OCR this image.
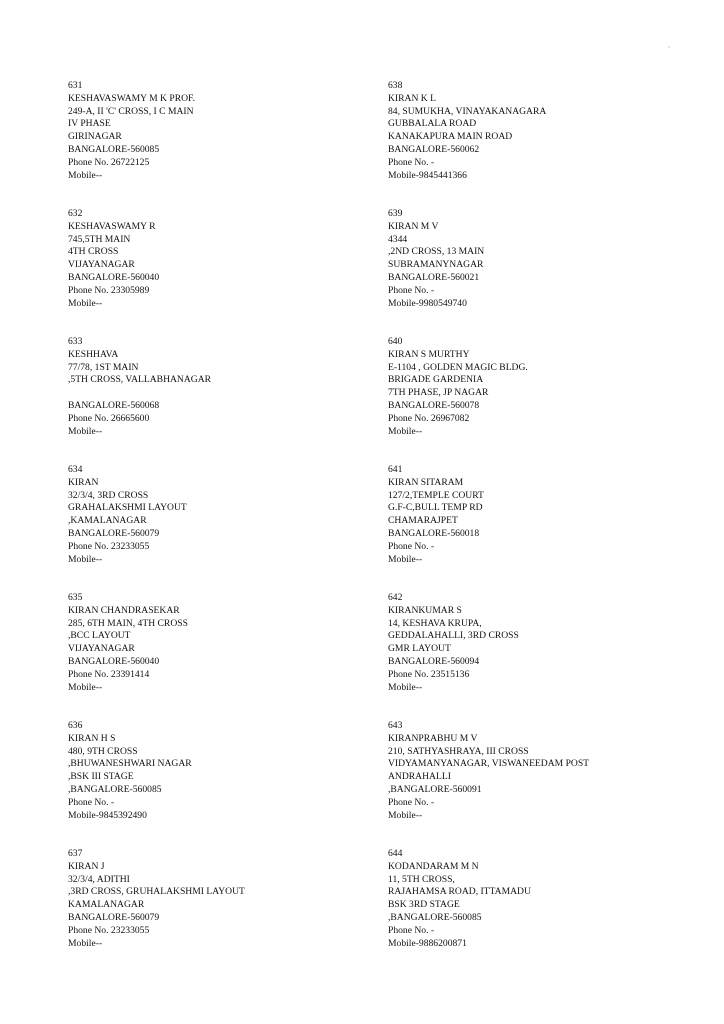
631
KESHAVASWAMY M K PROF.
249-A, II 'C' CROSS, I C MAIN
IV PHASE
GIRINAGAR
BANGALORE-560085
Phone No. 26722125
Mobile--
632
KESHAVASWAMY R
745,5TH MAIN
4TH CROSS
VIJAYANAGAR
BANGALORE-560040
Phone No. 23305989
Mobile--
633
KESHHAVA
77/78, 1ST MAIN
,5TH CROSS, VALLABHANAGAR
BANGALORE-560068
Phone No. 26665600
Mobile--
634
KIRAN
32/3/4, 3RD CROSS
GRAHALAKSHMI LAYOUT
,KAMALANAGAR
BANGALORE-560079
Phone No. 23233055
Mobile--
635
KIRAN CHANDRASEKAR
285, 6TH MAIN, 4TH CROSS
,BCC LAYOUT
VIJAYANAGAR
BANGALORE-560040
Phone No. 23391414
Mobile--
636
KIRAN H S
480, 9TH CROSS
,BHUWANESHWARI NAGAR
,BSK III STAGE
,BANGALORE-560085
Phone No. -
Mobile-9845392490
637
KIRAN J
32/3/4, ADITHI
,3RD CROSS, GRUHALAKSHMI LAYOUT
KAMALANAGAR
BANGALORE-560079
Phone No. 23233055
Mobile--
638
KIRAN K L
84, SUMUKHA, VINAYAKANAGARA
GUBBALALA ROAD
KANAKAPURA MAIN ROAD
BANGALORE-560062
Phone No. -
Mobile-9845441366
639
KIRAN M V
4344
,2ND CROSS, 13 MAIN
SUBRAMANYNAGAR
BANGALORE-560021
Phone No. -
Mobile-9980549740
640
KIRAN S MURTHY
E-1104 , GOLDEN MAGIC BLDG.
BRIGADE GARDENIA
7TH PHASE, JP NAGAR
BANGALORE-560078
Phone No. 26967082
Mobile--
641
KIRAN SITARAM
127/2,TEMPLE COURT
G.F-C,BULL TEMP RD
CHAMARAJPET
BANGALORE-560018
Phone No. -
Mobile--
642
KIRANKUMAR S
14, KESHAVA KRUPA,
GEDDALAHALLI, 3RD CROSS
GMR LAYOUT
BANGALORE-560094
Phone No. 23515136
Mobile--
643
KIRANPRABHU M V
210, SATHYASHRAYA, III CROSS
VIDYAMANYANAGAR, VISWANEEDAM POST
ANDRAHALLI
,BANGALORE-560091
Phone No. -
Mobile--
644
KODANDARAM M N
11, 5TH CROSS,
RAJAHAMSA ROAD, ITTAMADU
BSK 3RD STAGE
,BANGALORE-560085
Phone No. -
Mobile-9886200871
